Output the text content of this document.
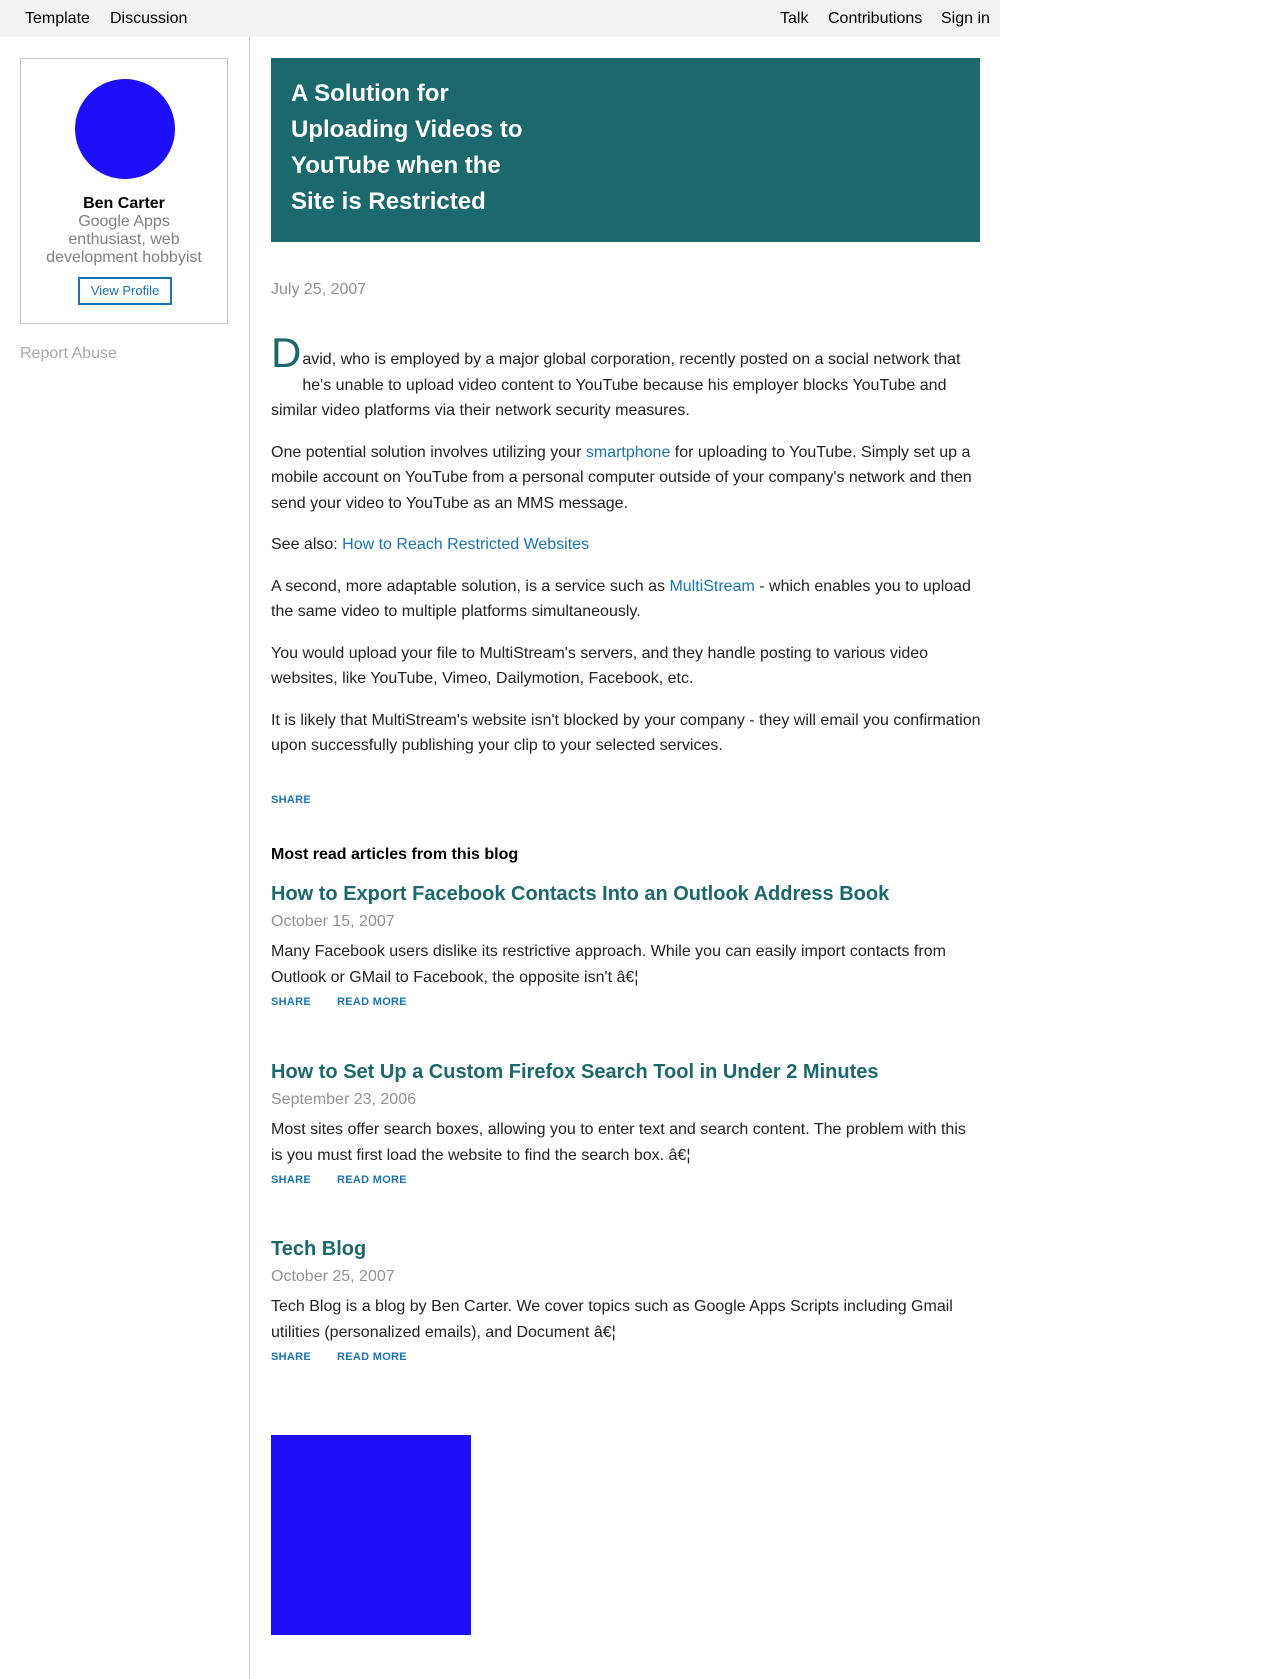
Template Discussion	Talk Contributions Sign in
Ben Carter
Google Apps enthusiast, web development hobbyist
View Profile
Report Abuse
A Solution for Uploading Videos to YouTube when the Site is Restricted
July 25, 2007

D avid, who is employed by a major global corporation, recently posted on a social network that
he's unable to upload video content to YouTube because his employer blocks YouTube and similar video platforms via their network security measures.

One potential solution involves utilizing your smartphone for uploading to YouTube. Simply set up a mobile account on YouTube from a personal computer outside of your company's network and then send your video to YouTube as an MMS message.

See also: How to Reach Restricted Websites

A second, more adaptable solution, is a service such as MultiStream - which enables you to upload the same video to multiple platforms simultaneously.

You would upload your file to MultiStream's servers, and they handle posting to various video websites, like YouTube, Vimeo, Dailymotion, Facebook, etc.

It is likely that MultiStream's website isn't blocked by your company - they will email you confirmation upon successfully publishing your clip to your selected services.

SHARE
Most read articles from this blog
How to Export Facebook Contacts Into an Outlook Address Book
October 15, 2007
Many Facebook users dislike its restrictive approach. While you can easily import contacts from Outlook or GMail to Facebook, the opposite isn't â€¦
SHARE READ MORE
How to Set Up a Custom Firefox Search Tool in Under 2 Minutes
September 23, 2006
Most sites offer search boxes, allowing you to enter text and search content. The problem with this is you must first load the website to find the search box. â€¦
SHARE READ MORE
Tech Blog
October 25, 2007
Tech Blog is a blog by Ben Carter. We cover topics such as Google Apps Scripts including Gmail utilities (personalized emails), and Document â€¦
SHARE READ MORE
